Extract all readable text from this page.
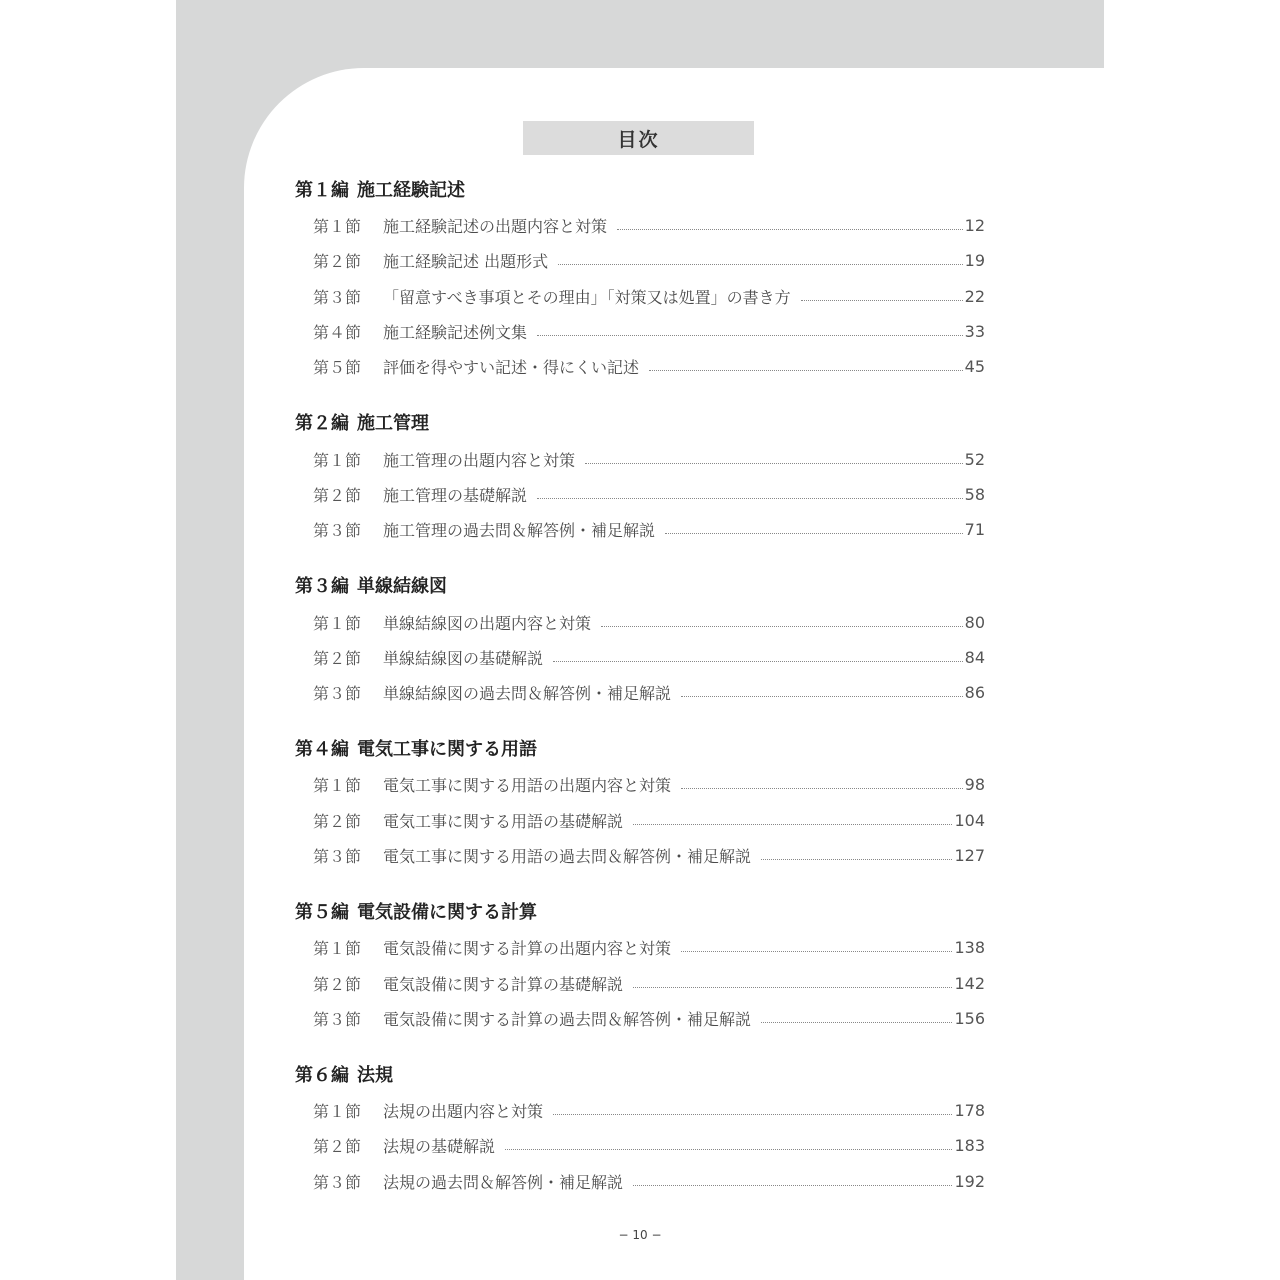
目次
第１編 施工経験記述
第１節	施工経験記述の出題内容と対策	12
第２節	施工経験記述 出題形式	19
第３節	「留意すべき事項とその理由」「対策又は処置」の書き方	22
第４節	施工経験記述例文集	33
第５節	評価を得やすい記述・得にくい記述	45
第２編 施工管理
第１節	施工管理の出題内容と対策	52
第２節	施工管理の基礎解説	58
第３節	施工管理の過去問＆解答例・補足解説	71
第３編 単線結線図
第１節	単線結線図の出題内容と対策	80
第２節	単線結線図の基礎解説	84
第３節	単線結線図の過去問＆解答例・補足解説	86
第４編 電気工事に関する用語
第１節	電気工事に関する用語の出題内容と対策	98
第２節	電気工事に関する用語の基礎解説	104
第３節	電気工事に関する用語の過去問＆解答例・補足解説	127
第５編 電気設備に関する計算
第１節	電気設備に関する計算の出題内容と対策	138
第２節	電気設備に関する計算の基礎解説	142
第３節	電気設備に関する計算の過去問＆解答例・補足解説	156
第６編 法規
第１節	法規の出題内容と対策	178
第２節	法規の基礎解説	183
第３節	法規の過去問＆解答例・補足解説	192
− 10 −
